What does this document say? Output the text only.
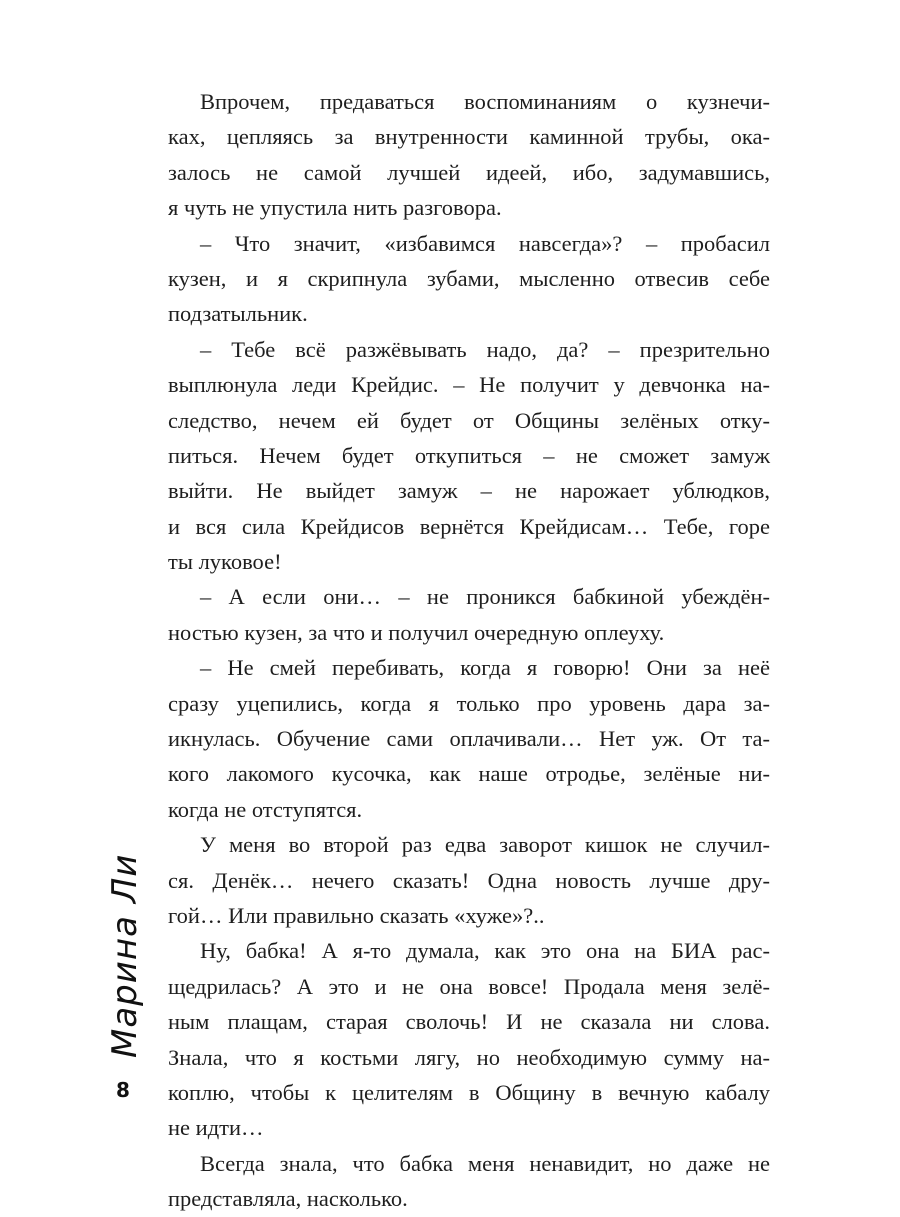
Впрочем, предаваться воспоминаниям о кузнечи-
ках, цепляясь за внутренности каминной трубы, ока-
залось не самой лучшей идеей, ибо, задумавшись,
я чуть не упустила нить разговора.
– Что значит, «избавимся навсегда»? – пробасил
кузен, и я скрипнула зубами, мысленно отвесив себе
подзатыльник.
– Тебе всё разжёвывать надо, да? – презрительно
выплюнула леди Крейдис. – Не получит у девчонка на-
следство, нечем ей будет от Общины зелёных отку-
питься. Нечем будет откупиться – не сможет замуж
выйти. Не выйдет замуж – не нарожает ублюдков,
и вся сила Крейдисов вернётся Крейдисам… Тебе, горе
ты луковое!
– А если они… – не проникся бабкиной убеждён-
ностью кузен, за что и получил очередную оплеуху.
– Не смей перебивать, когда я говорю! Они за неё
сразу уцепились, когда я только про уровень дара за-
икнулась. Обучение сами оплачивали… Нет уж. От та-
кого лакомого кусочка, как наше отродье, зелёные ни-
когда не отступятся.
У меня во второй раз едва заворот кишок не случил-
ся. Денёк… нечего сказать! Одна новость лучше дру-
гой… Или правильно сказать «хуже»?..
Ну, бабка! А я-то думала, как это она на БИА рас-
щедрилась? А это и не она вовсе! Продала меня зелё-
ным плащам, старая сволочь! И не сказала ни слова.
Знала, что я костьми лягу, но необходимую сумму на-
коплю, чтобы к целителям в Общину в вечную кабалу
не идти…
Всегда знала, что бабка меня ненавидит, но даже не
представляла, насколько.
Марина Ли
8
